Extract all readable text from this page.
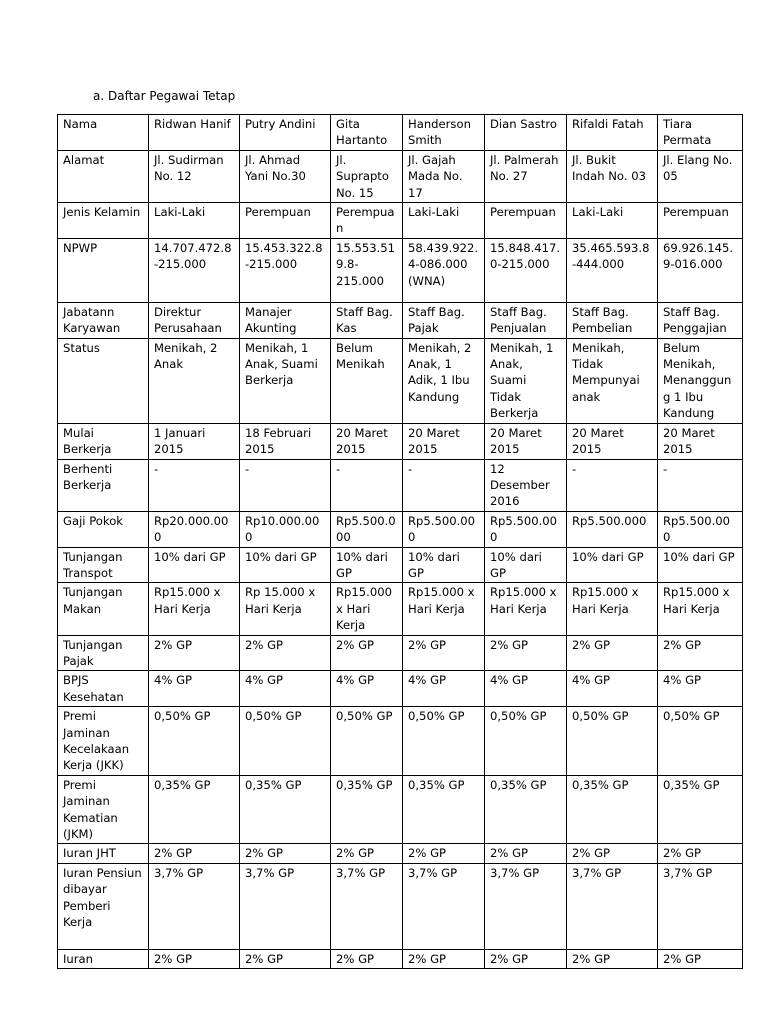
a. Daftar Pegawai Tetap
Nama	Ridwan Hanif	Putry Andini	Gita Hartanto	Handerson Smith	Dian Sastro	Rifaldi Fatah	Tiara Permata
Alamat	Jl. Sudirman No. 12	Jl. Ahmad Yani No.30	Jl. Suprapto No. 15	Jl. Gajah Mada No. 17	Jl. Palmerah No. 27	Jl. Bukit Indah No. 03	Jl. Elang No. 05
Jenis Kelamin	Laki-Laki	Perempuan	Perempuan	Laki-Laki	Perempuan	Laki-Laki	Perempuan
NPWP	14.707.472.8-215.000	15.453.322.8-215.000	15.553.519.8-215.000	58.439.922.4-086.000 (WNA)	15.848.417.0-215.000	35.465.593.8-444.000	69.926.145.9-016.000
Jabatann Karyawan	Direktur Perusahaan	Manajer Akunting	Staff Bag. Kas	Staff Bag. Pajak	Staff Bag. Penjualan	Staff Bag. Pembelian	Staff Bag. Penggajian
Status	Menikah, 2 Anak	Menikah, 1 Anak, Suami Berkerja	Belum Menikah	Menikah, 2 Anak, 1 Adik, 1 Ibu Kandung	Menikah, 1 Anak, Suami Tidak Berkerja	Menikah, Tidak Mempunyai anak	Belum Menikah, Menanggung 1 Ibu Kandung
Mulai Berkerja	1 Januari 2015	18 Februari 2015	20 Maret 2015	20 Maret 2015	20 Maret 2015	20 Maret 2015	20 Maret 2015
Berhenti Berkerja	-	-	-	-	12 Desember 2016	-	-
Gaji Pokok	Rp20.000.000	Rp10.000.000	Rp5.500.000	Rp5.500.000	Rp5.500.000	Rp5.500.000	Rp5.500.000
Tunjangan Transpot	10% dari GP	10% dari GP	10% dari GP	10% dari GP	10% dari GP	10% dari GP	10% dari GP
Tunjangan Makan	Rp15.000 x Hari Kerja	Rp 15.000 x Hari Kerja	Rp15.000 x Hari Kerja	Rp15.000 x Hari Kerja	Rp15.000 x Hari Kerja	Rp15.000 x Hari Kerja	Rp15.000 x Hari Kerja
Tunjangan Pajak	2% GP	2% GP	2% GP	2% GP	2% GP	2% GP	2% GP
BPJS Kesehatan	4% GP	4% GP	4% GP	4% GP	4% GP	4% GP	4% GP
Premi Jaminan Kecelakaan Kerja (JKK)	0,50% GP	0,50% GP	0,50% GP	0,50% GP	0,50% GP	0,50% GP	0,50% GP
Premi Jaminan Kematian (JKM)	0,35% GP	0,35% GP	0,35% GP	0,35% GP	0,35% GP	0,35% GP	0,35% GP
Iuran JHT	2% GP	2% GP	2% GP	2% GP	2% GP	2% GP	2% GP
Iuran Pensiun dibayar Pemberi Kerja	3,7% GP	3,7% GP	3,7% GP	3,7% GP	3,7% GP	3,7% GP	3,7% GP
Iuran	2% GP	2% GP	2% GP	2% GP	2% GP	2% GP	2% GP
